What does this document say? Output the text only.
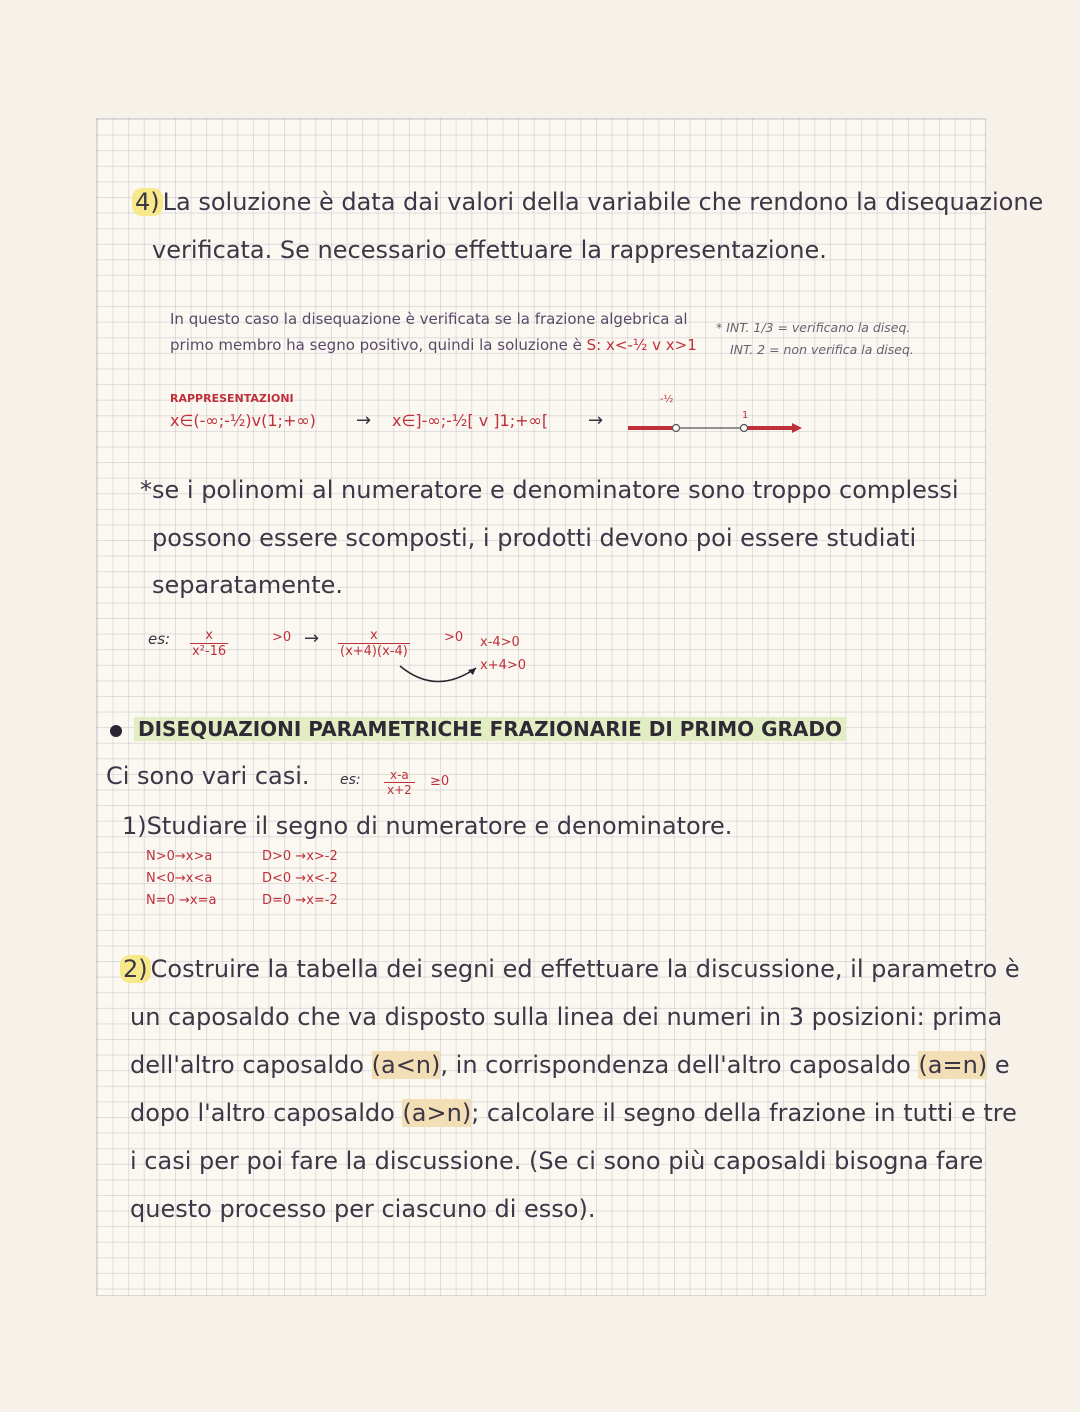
4) La soluzione è data dai valori della variabile che rendono la disequazione
verificata. Se necessario effettuare la rappresentazione.
In questo caso la disequazione è verificata se la frazione algebrica al
primo membro ha segno positivo, quindi la soluzione è S: x<-½ v x>1
* INT. 1/3 = verificano la diseq.
INT. 2 = non verifica la diseq.
RAPPRESENTAZIONI
x∈(-∞;-½)v(1;+∞) → x∈]-∞;-½[ v ]1;+∞[ →
-½
1
*se i polinomi al numeratore e denominatore sono troppo complessi
possono essere scomposti, i prodotti devono poi essere studiati
separatamente.
es: $\frac{x}{\text{x²-16}}$	$>0 \to \frac{x}{(x+4)(x-4)}$	>0 x-4>0
x+4>0
DISEQUAZIONI PARAMETRICHE FRAZIONARIE DI PRIMO GRADO
Ci sono vari casi. es: $\frac{x-a}{x+2} \ge 0$
1)Studiare il segno di numeratore e denominatore.
N>0→x>a
N<0→x<a
N=0 →x=a
D>0 →x>-2
D<0 →x<-2
D=0 →x=-2
2) Costruire la tabella dei segni ed effettuare la discussione, il parametro è
un caposaldo che va disposto sulla linea dei numeri in 3 posizioni: prima
dell'altro caposaldo (a<n), in corrispondenza dell'altro caposaldo (a=n) e
dopo l'altro caposaldo (a>n); calcolare il segno della frazione in tutti e tre
i casi per poi fare la discussione. (Se ci sono più caposaldi bisogna fare
questo processo per ciascuno di esso).
